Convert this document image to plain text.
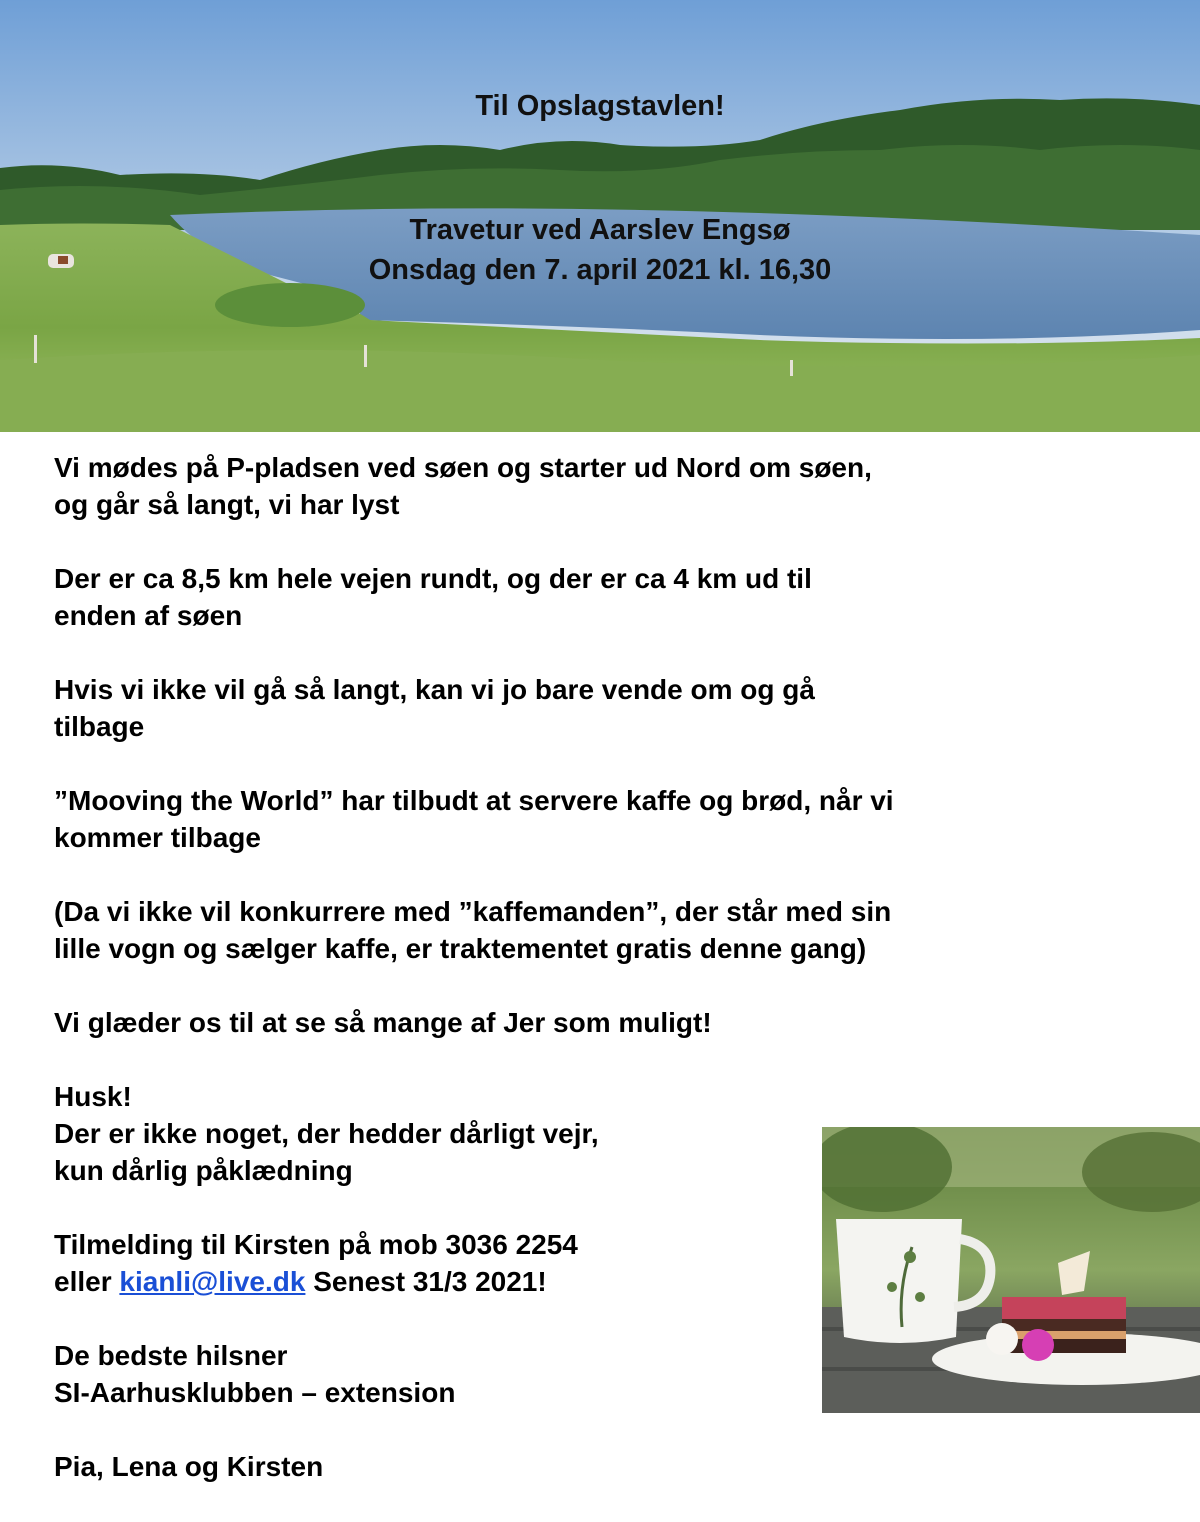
Til Opslagstavlen!
Travetur ved Aarslev Engsø
Onsdag den 7. april 2021 kl. 16,30

Vi mødes på P-pladsen ved søen og starter ud Nord om søen,
og går så langt, vi har lyst

Der er ca 8,5 km hele vejen rundt, og der er ca 4 km ud til
enden af søen

Hvis vi ikke vil gå så langt, kan vi jo bare vende om og gå
tilbage

”Mooving the World” har tilbudt at servere kaffe og brød, når vi
kommer tilbage

(Da vi ikke vil konkurrere med ”kaffemanden”, der står med sin
lille vogn og sælger kaffe, er traktementet gratis denne gang)

Vi glæder os til at se så mange af Jer som muligt!

Husk!
Der er ikke noget, der hedder dårligt vejr,
kun dårlig påklædning

Tilmelding til Kirsten på mob 3036 2254
eller kianli@live.dk Senest 31/3 2021!

De bedste hilsner
SI-Aarhusklubben – extension

Pia, Lena og Kirsten
